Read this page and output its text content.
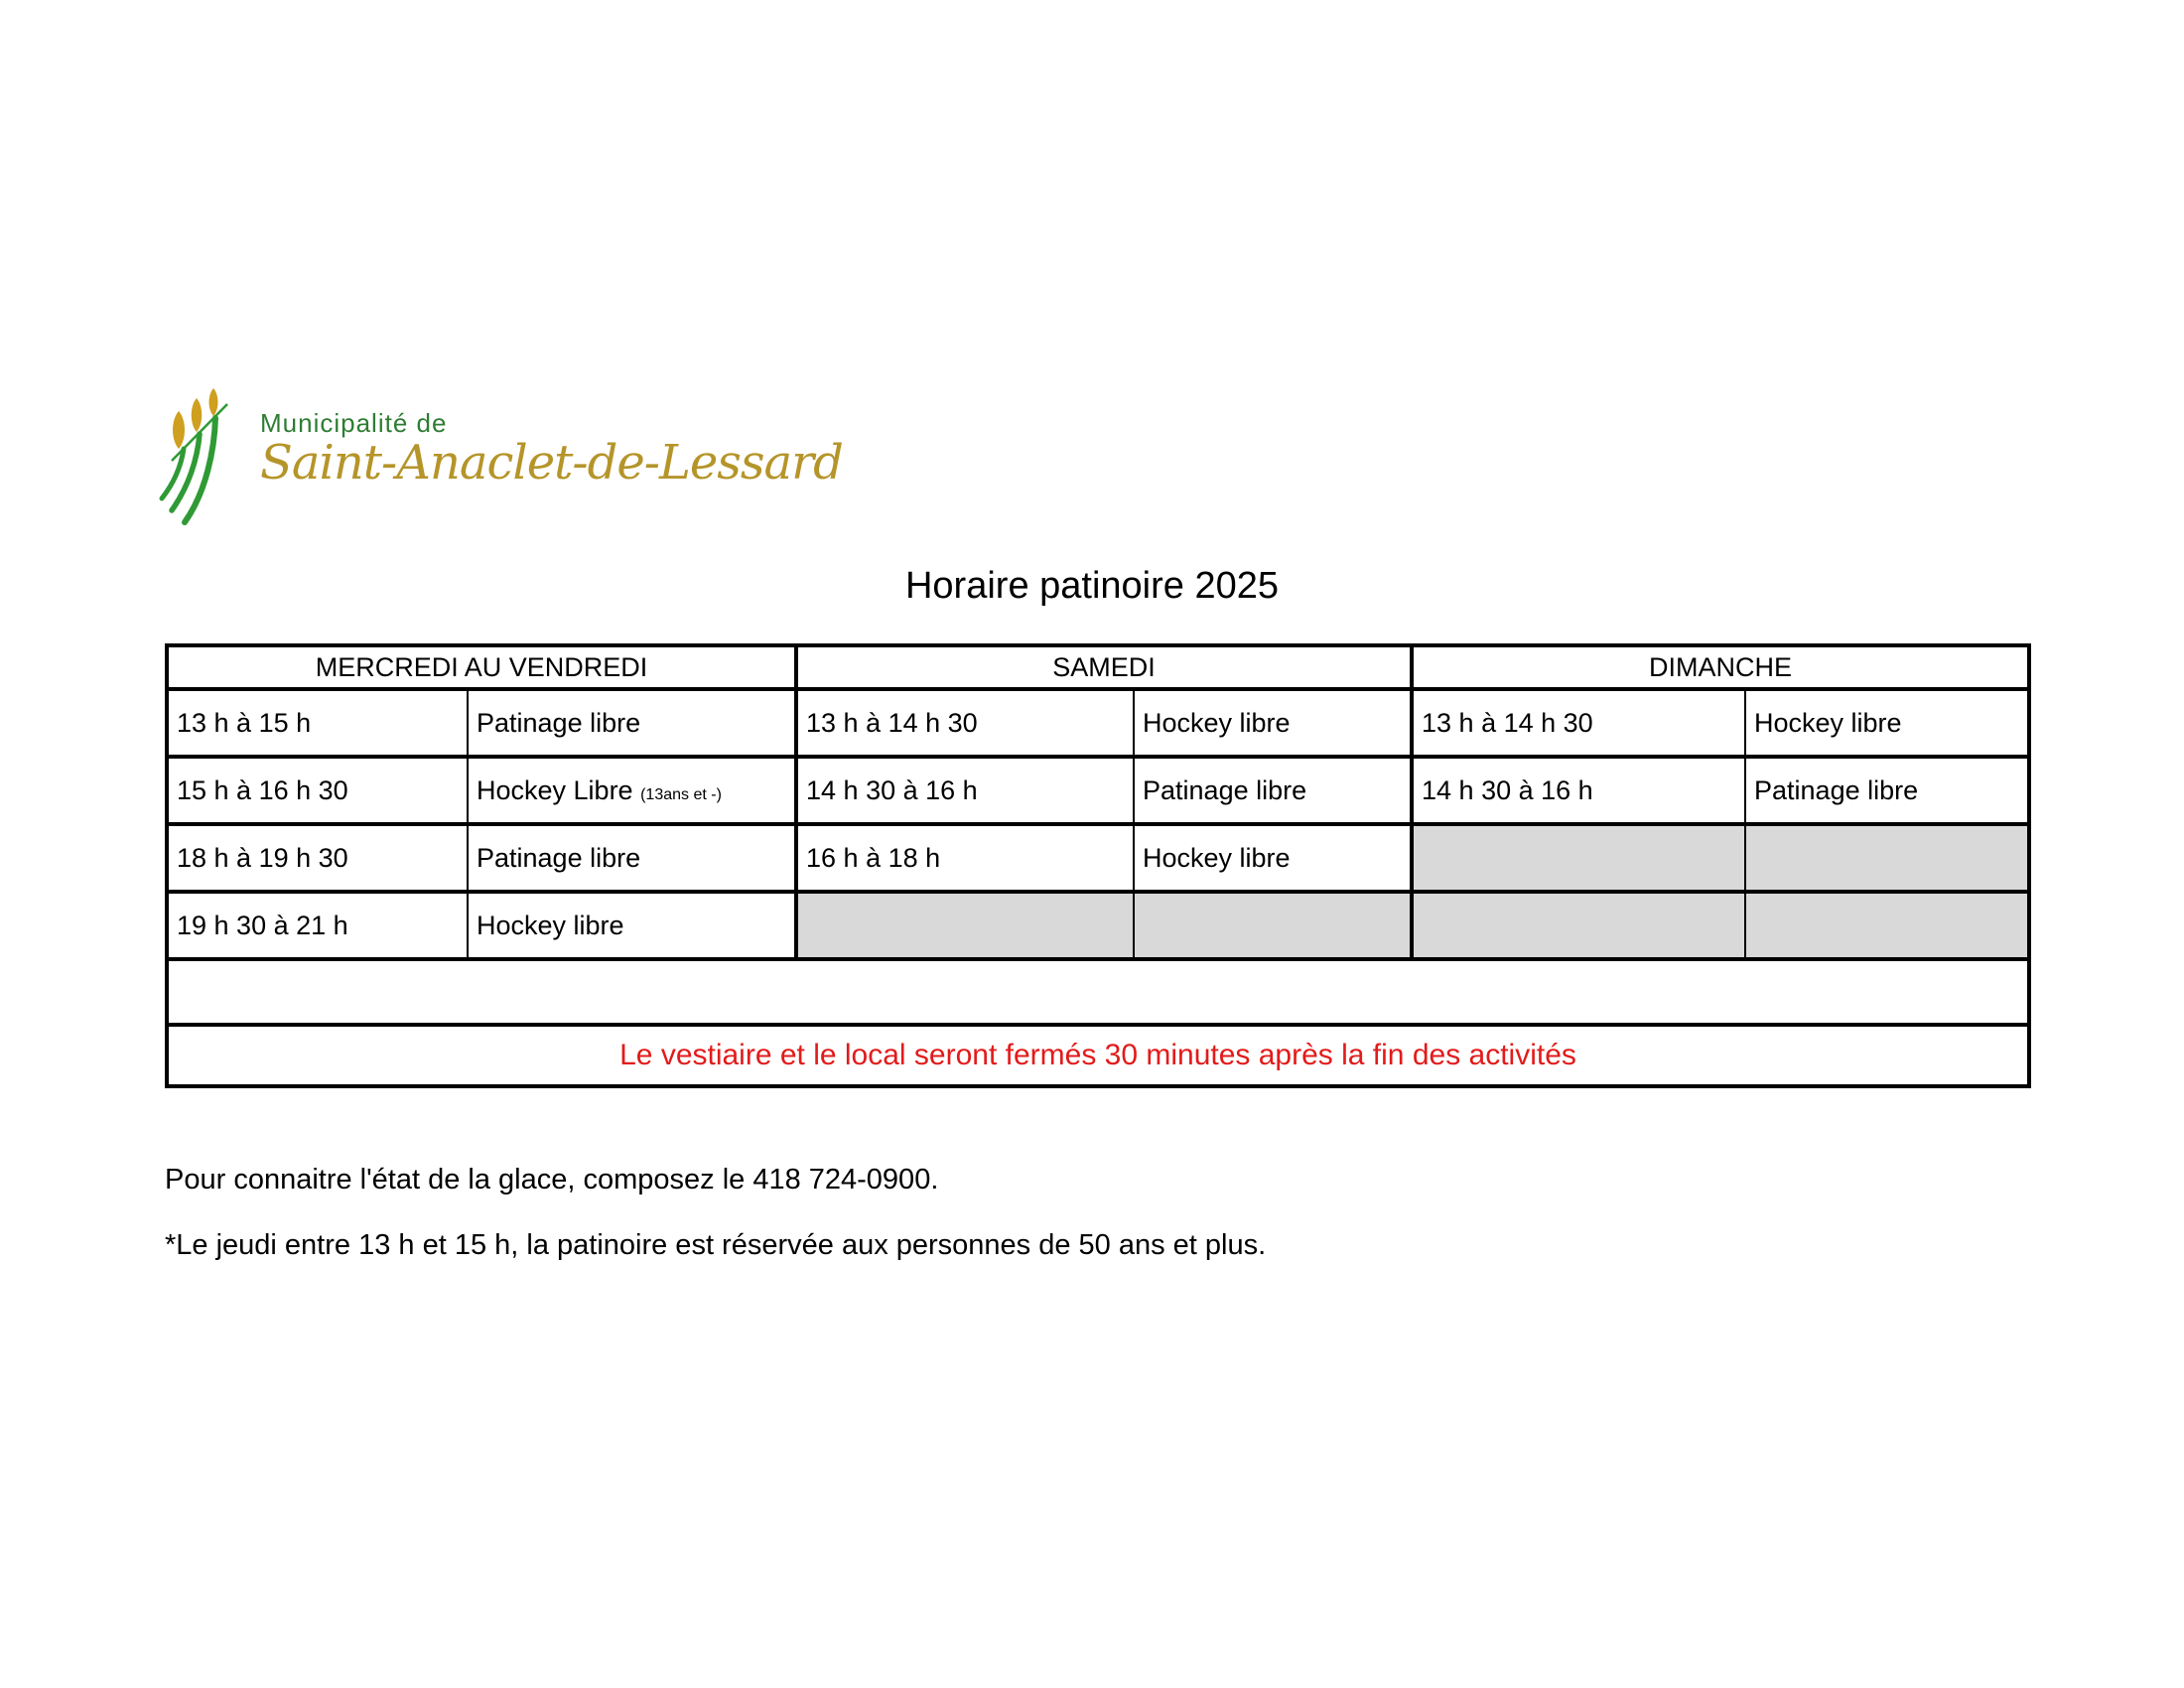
Municipalité de
Saint-Anaclet-de-Lessard
Horaire patinoire 2025
MERCREDI AU VENDREDI		SAMEDI		DIMANCHE	
13 h à 15 h	Patinage libre	13 h à 14 h 30	Hockey libre	13 h à 14 h 30	Hockey libre
15 h à 16 h 30	Hockey Libre (13ans et -)	14 h 30 à 16 h	Patinage libre	14 h 30 à 16 h	Patinage libre
18 h à 19 h 30	Patinage libre	16 h à 18 h	Hockey libre		
19 h 30 à 21 h	Hockey libre				

Le vestiaire et le local seront fermés 30 minutes après la fin des activités					
Pour connaitre l'état de la glace, composez le 418 724-0900.
*Le jeudi entre 13 h et 15 h, la patinoire est réservée aux personnes de 50 ans et plus.
